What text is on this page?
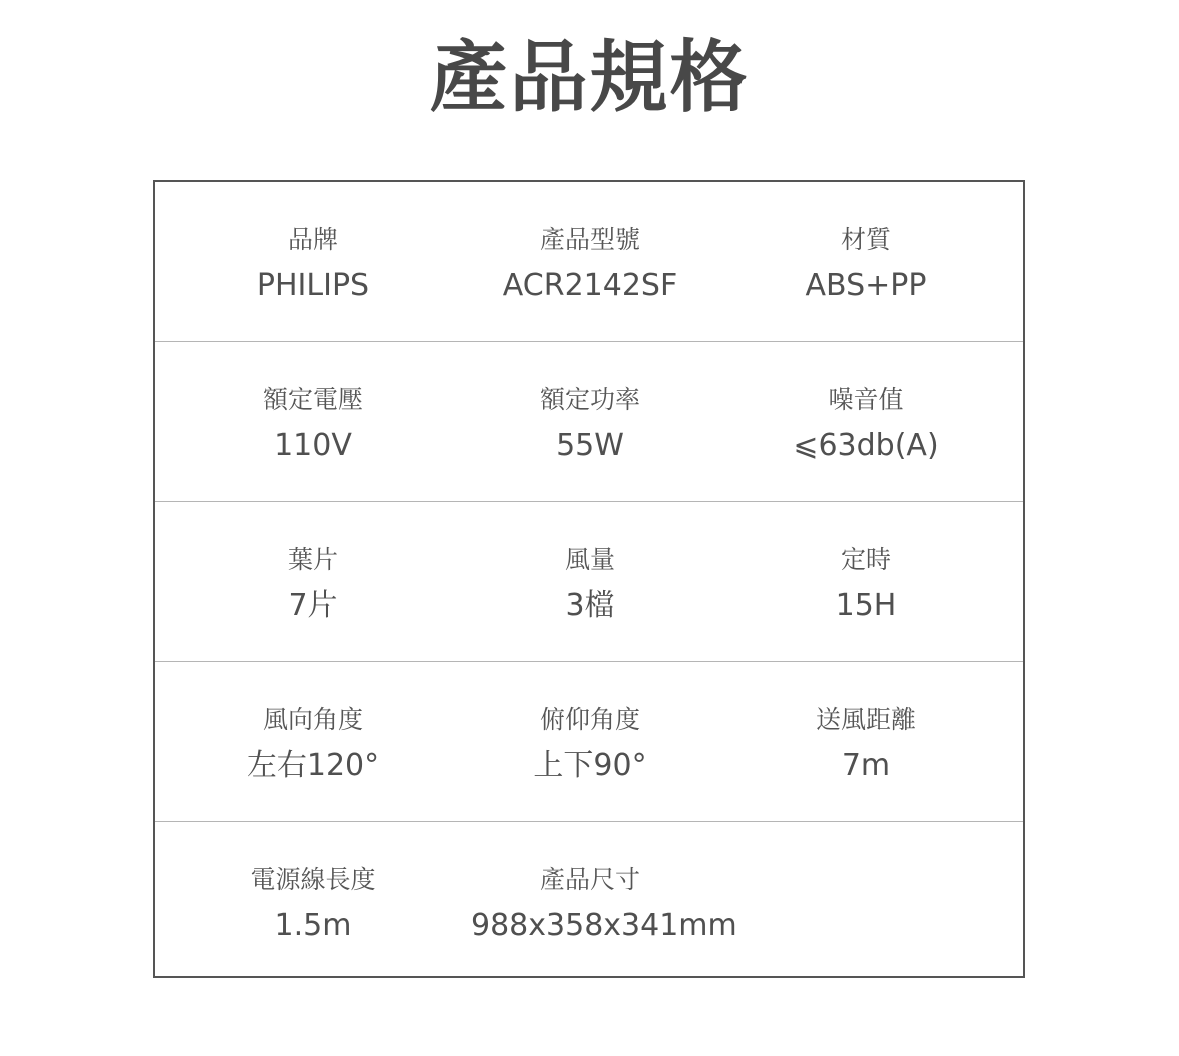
產品規格
品牌
PHILIPS
產品型號
ACR2142SF
材質
ABS+PP
額定電壓
110V
額定功率
55W
噪音值
⩽63db(A)
葉片
7片
風量
3檔
定時
15H
風向角度
左右120°
俯仰角度
上下90°
送風距離
7m
電源線長度
1.5m
產品尺寸
988x358x341mm
